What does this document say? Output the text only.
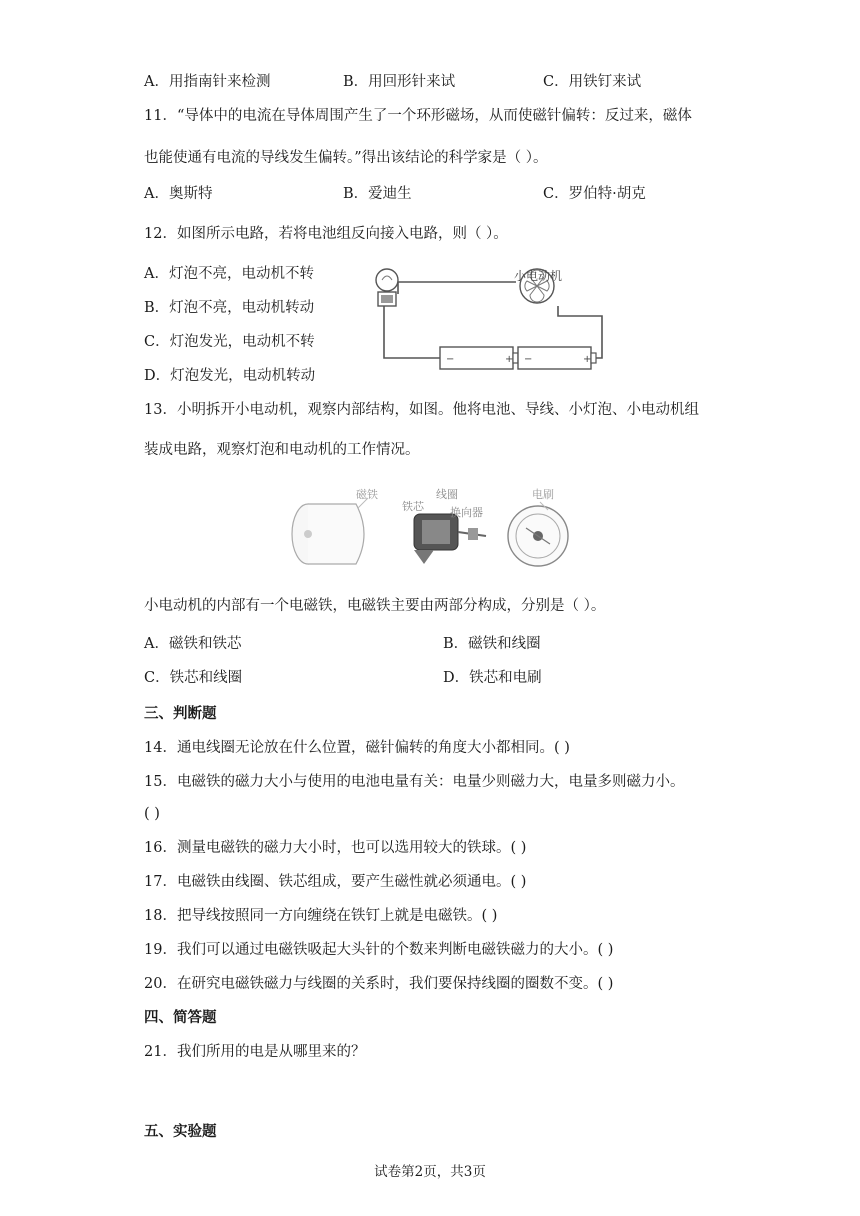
A．用指南针来检测	B．用回形针来试	C．用铁钉来试
11．“导体中的电流在导体周围产生了一个环形磁场，从而使磁针偏转：反过来，磁体
也能使通有电流的导线发生偏转。”得出该结论的科学家是（ ）。
A．奥斯特	B．爱迪生	C．罗伯特·胡克
12．如图所示电路，若将电池组反向接入电路，则（ ）。
A．灯泡不亮，电动机不转
B．灯泡不亮，电动机转动
C．灯泡发光，电动机不转
D．灯泡发光，电动机转动
小电动机
−	+ −	+
13．小明拆开小电动机，观察内部结构，如图。他将电池、导线、小灯泡、小电动机组
装成电路，观察灯泡和电动机的工作情况。
磁铁
铁芯
线圈
换向器
电刷
小电动机的内部有一个电磁铁，电磁铁主要由两部分构成，分别是（ ）。
A．磁铁和铁芯	B．磁铁和线圈
C．铁芯和线圈	D．铁芯和电刷
三、判断题
14．通电线圈无论放在什么位置，磁针偏转的角度大小都相同。( )
15．电磁铁的磁力大小与使用的电池电量有关：电量少则磁力大，电量多则磁力小。
( )
16．测量电磁铁的磁力大小时，也可以选用较大的铁球。( )
17．电磁铁由线圈、铁芯组成，要产生磁性就必须通电。( )
18．把导线按照同一方向缠绕在铁钉上就是电磁铁。( )
19．我们可以通过电磁铁吸起大头针的个数来判断电磁铁磁力的大小。( )
20．在研究电磁铁磁力与线圈的关系时，我们要保持线圈的圈数不变。( )
四、简答题
21．我们所用的电是从哪里来的？
五、实验题
试卷第2页，共3页
